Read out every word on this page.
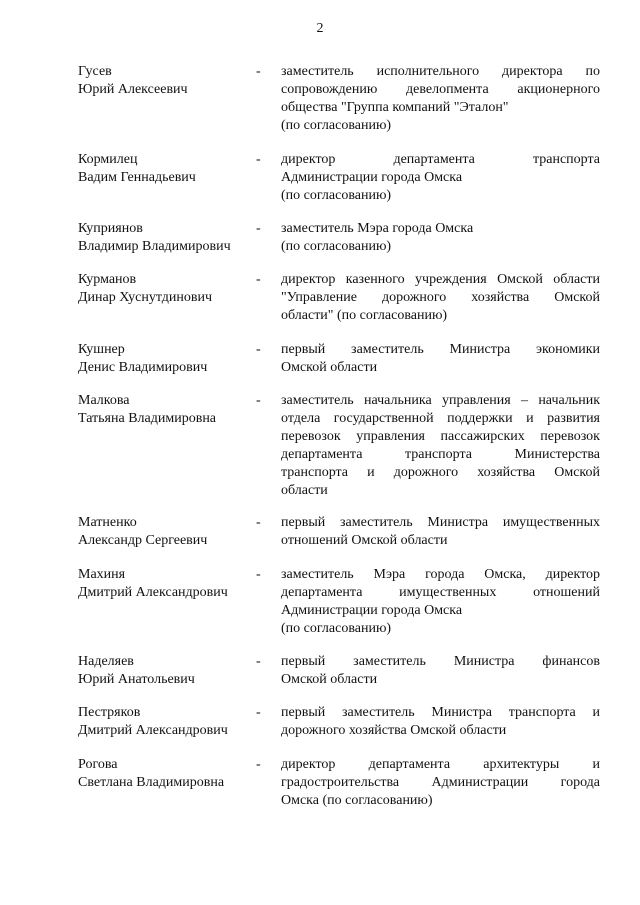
2
Гусев
Юрий Алексеевич
- заместитель исполнительного директора по
сопровождению девелопмента акционерного
общества "Группа компаний "Эталон"
(по согласованию)
Кормилец
Вадим Геннадьевич
- директор департамента транспорта
Администрации города Омска
(по согласованию)
Куприянов
Владимир Владимирович
- заместитель Мэра города Омска
(по согласованию)
Курманов
Динар Хуснутдинович
- директор казенного учреждения Омской области
"Управление дорожного хозяйства Омской
области" (по согласованию)
Кушнер
Денис Владимирович
- первый заместитель Министра экономики
Омской области
Малкова
Татьяна Владимировна
- заместитель начальника управления – начальник
отдела государственной поддержки и развития
перевозок управления пассажирских перевозок
департамента транспорта Министерства
транспорта и дорожного хозяйства Омской
области
Матненко
Александр Сергеевич
- первый заместитель Министра имущественных
отношений Омской области
Махиня
Дмитрий Александрович
- заместитель Мэра города Омска, директор
департамента имущественных отношений
Администрации города Омска
(по согласованию)
Наделяев
Юрий Анатольевич
- первый заместитель Министра финансов
Омской области
Пестряков
Дмитрий Александрович
- первый заместитель Министра транспорта и
дорожного хозяйства Омской области
Рогова
Светлана Владимировна
- директор департамента архитектуры и
градостроительства Администрации города
Омска (по согласованию)
